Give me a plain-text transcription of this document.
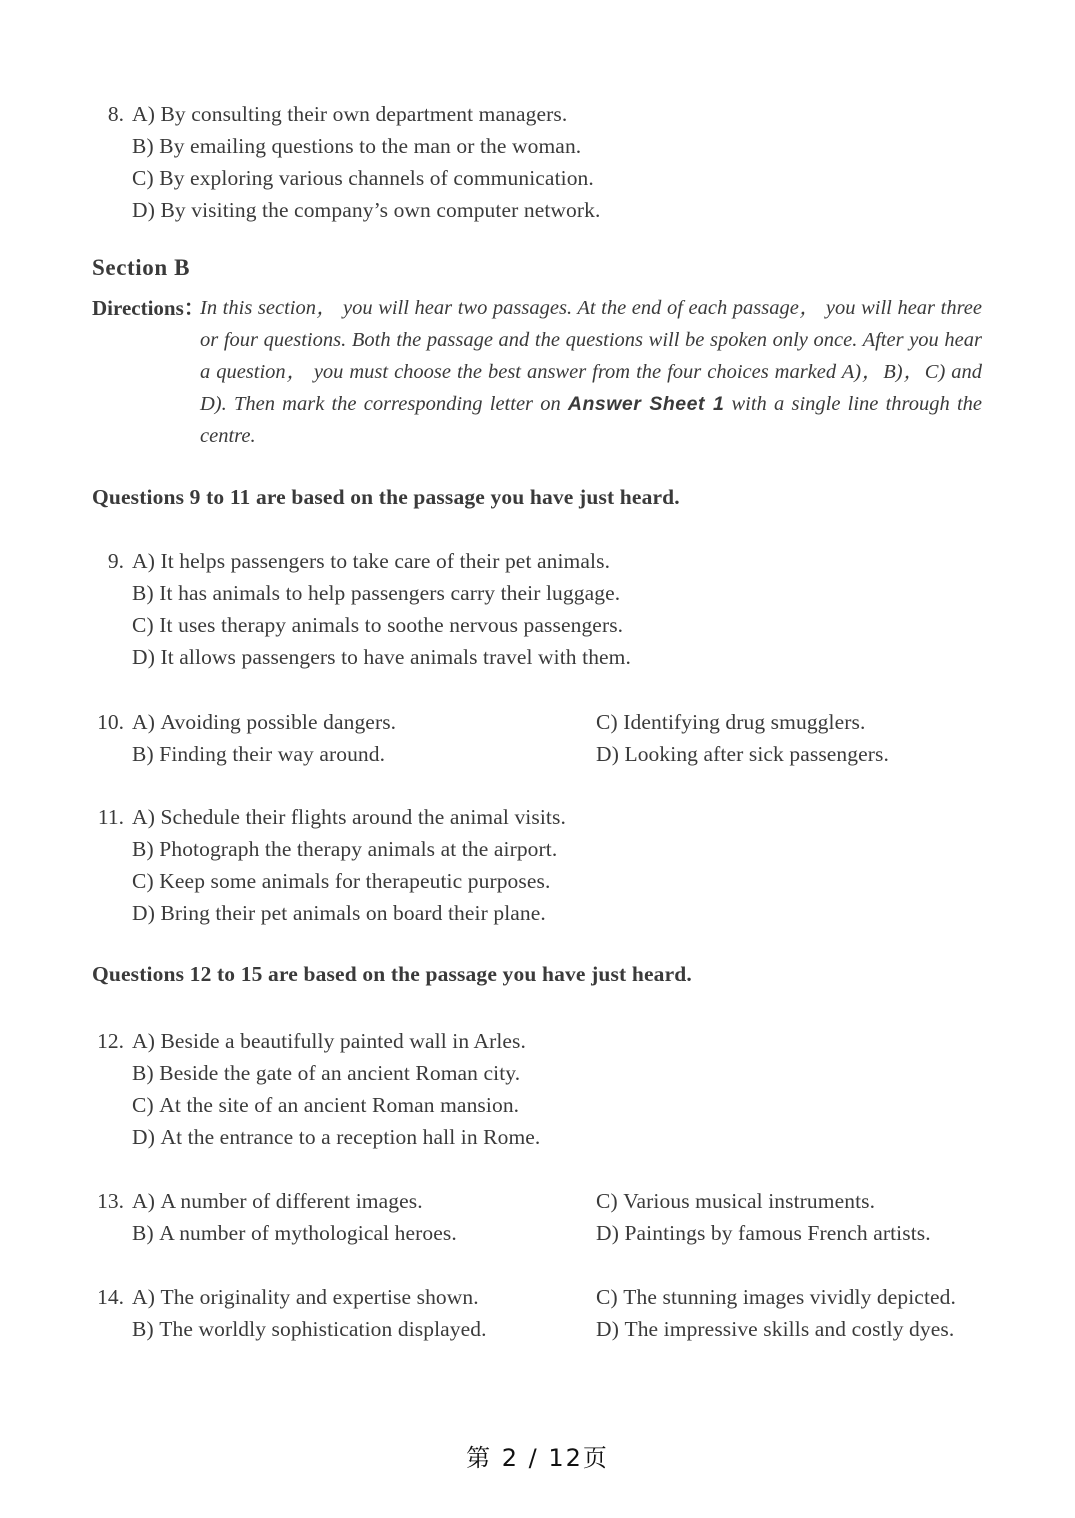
8. A) By consulting their own department managers.
B) By emailing questions to the man or the woman.
C) By exploring various channels of communication.
D) By visiting the company’s own computer network.
Section B
Directions：
In this section， you will hear two passages. At the end of each passage， you will hear three or four questions. Both the passage and the questions will be spoken only once. After you hear a question， you must choose the best answer from the four choices marked A)，B)，C) and D). Then mark the corresponding letter on Answer Sheet 1 with a single line through the centre.
Questions 9 to 11 are based on the passage you have just heard.
9. A) It helps passengers to take care of their pet animals.
B) It has animals to help passengers carry their luggage.
C) It uses therapy animals to soothe nervous passengers.
D) It allows passengers to have animals travel with them.
10. A) Avoiding possible dangers.	C) Identifying drug smugglers.
B) Finding their way around.	D) Looking after sick passengers.
11. A) Schedule their flights around the animal visits.
B) Photograph the therapy animals at the airport.
C) Keep some animals for therapeutic purposes.
D) Bring their pet animals on board their plane.
Questions 12 to 15 are based on the passage you have just heard.
12. A) Beside a beautifully painted wall in Arles.
B) Beside the gate of an ancient Roman city.
C) At the site of an ancient Roman mansion.
D) At the entrance to a reception hall in Rome.
13. A) A number of different images.	C) Various musical instruments.
B) A number of mythological heroes.	D) Paintings by famous French artists.
14. A) The originality and expertise shown.	C) The stunning images vividly depicted.
B) The worldly sophistication displayed.	D) The impressive skills and costly dyes.
第 2 / 12页
